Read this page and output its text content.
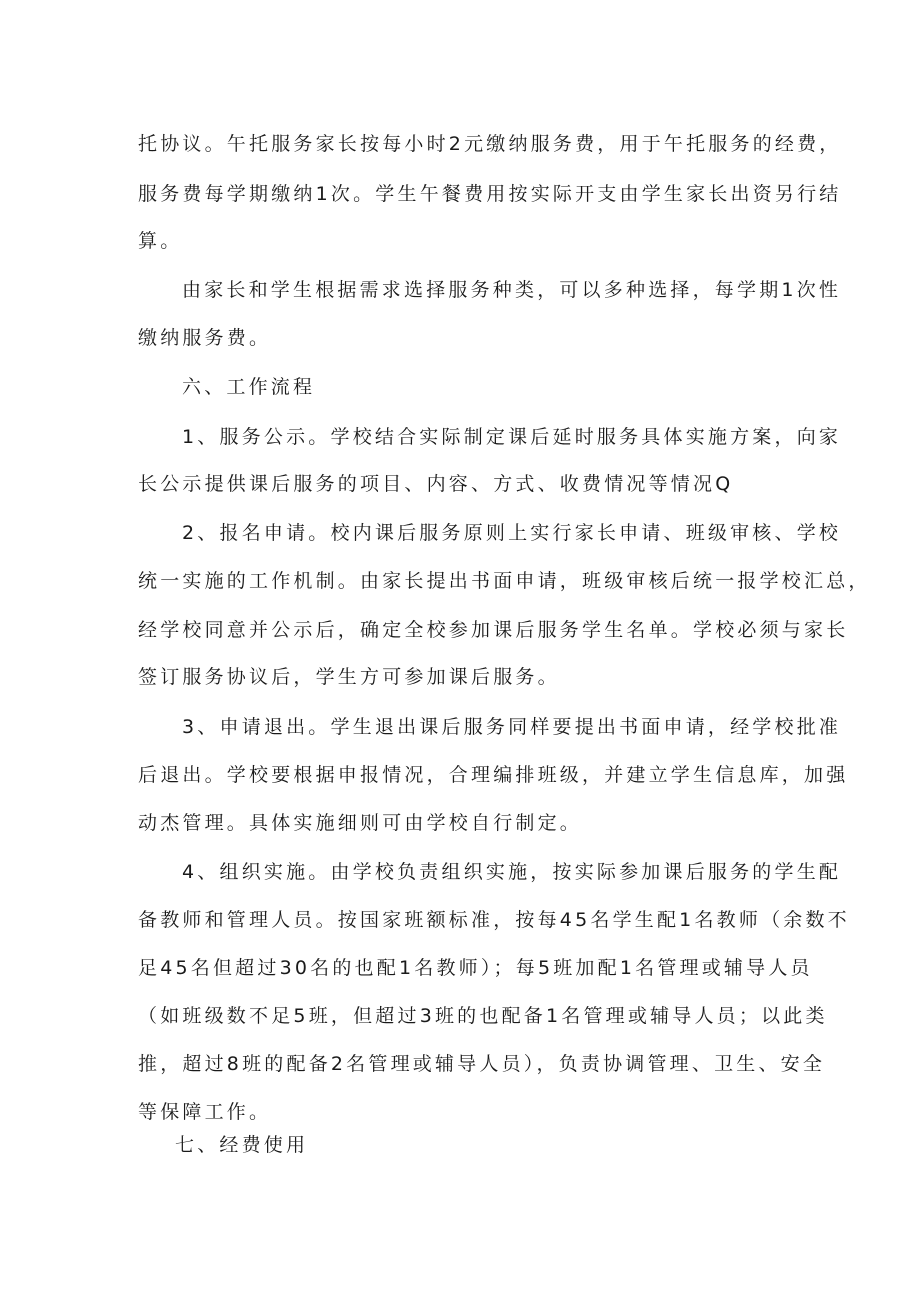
托协议。午托服务家长按每小时2元缴纳服务费，用于午托服务的经费，
服务费每学期缴纳1次。学生午餐费用按实际开支由学生家长出资另行结
算。
由家长和学生根据需求选择服务种类，可以多种选择，每学期1次性
缴纳服务费。
六、工作流程
1、服务公示。学校结合实际制定课后延时服务具体实施方案，向家
长公示提供课后服务的项目、内容、方式、收费情况等情况Q
2、报名申请。校内课后服务原则上实行家长申请、班级审核、学校
统一实施的工作机制。由家长提出书面申请，班级审核后统一报学校汇总，
经学校同意并公示后，确定全校参加课后服务学生名单。学校必须与家长
签订服务协议后，学生方可参加课后服务。
3、申请退出。学生退出课后服务同样要提出书面申请，经学校批准
后退出。学校要根据申报情况，合理编排班级，并建立学生信息库，加强
动杰管理。具体实施细则可由学校自行制定。
4、组织实施。由学校负责组织实施，按实际参加课后服务的学生配
备教师和管理人员。按国家班额标准，按每45名学生配1名教师（余数不
足45名但超过30名的也配1名教师）；每5班加配1名管理或辅导人员
（如班级数不足5班，但超过3班的也配备1名管理或辅导人员；以此类
推，超过8班的配备2名管理或辅导人员），负责协调管理、卫生、安全
等保障工作。
七、经费使用
